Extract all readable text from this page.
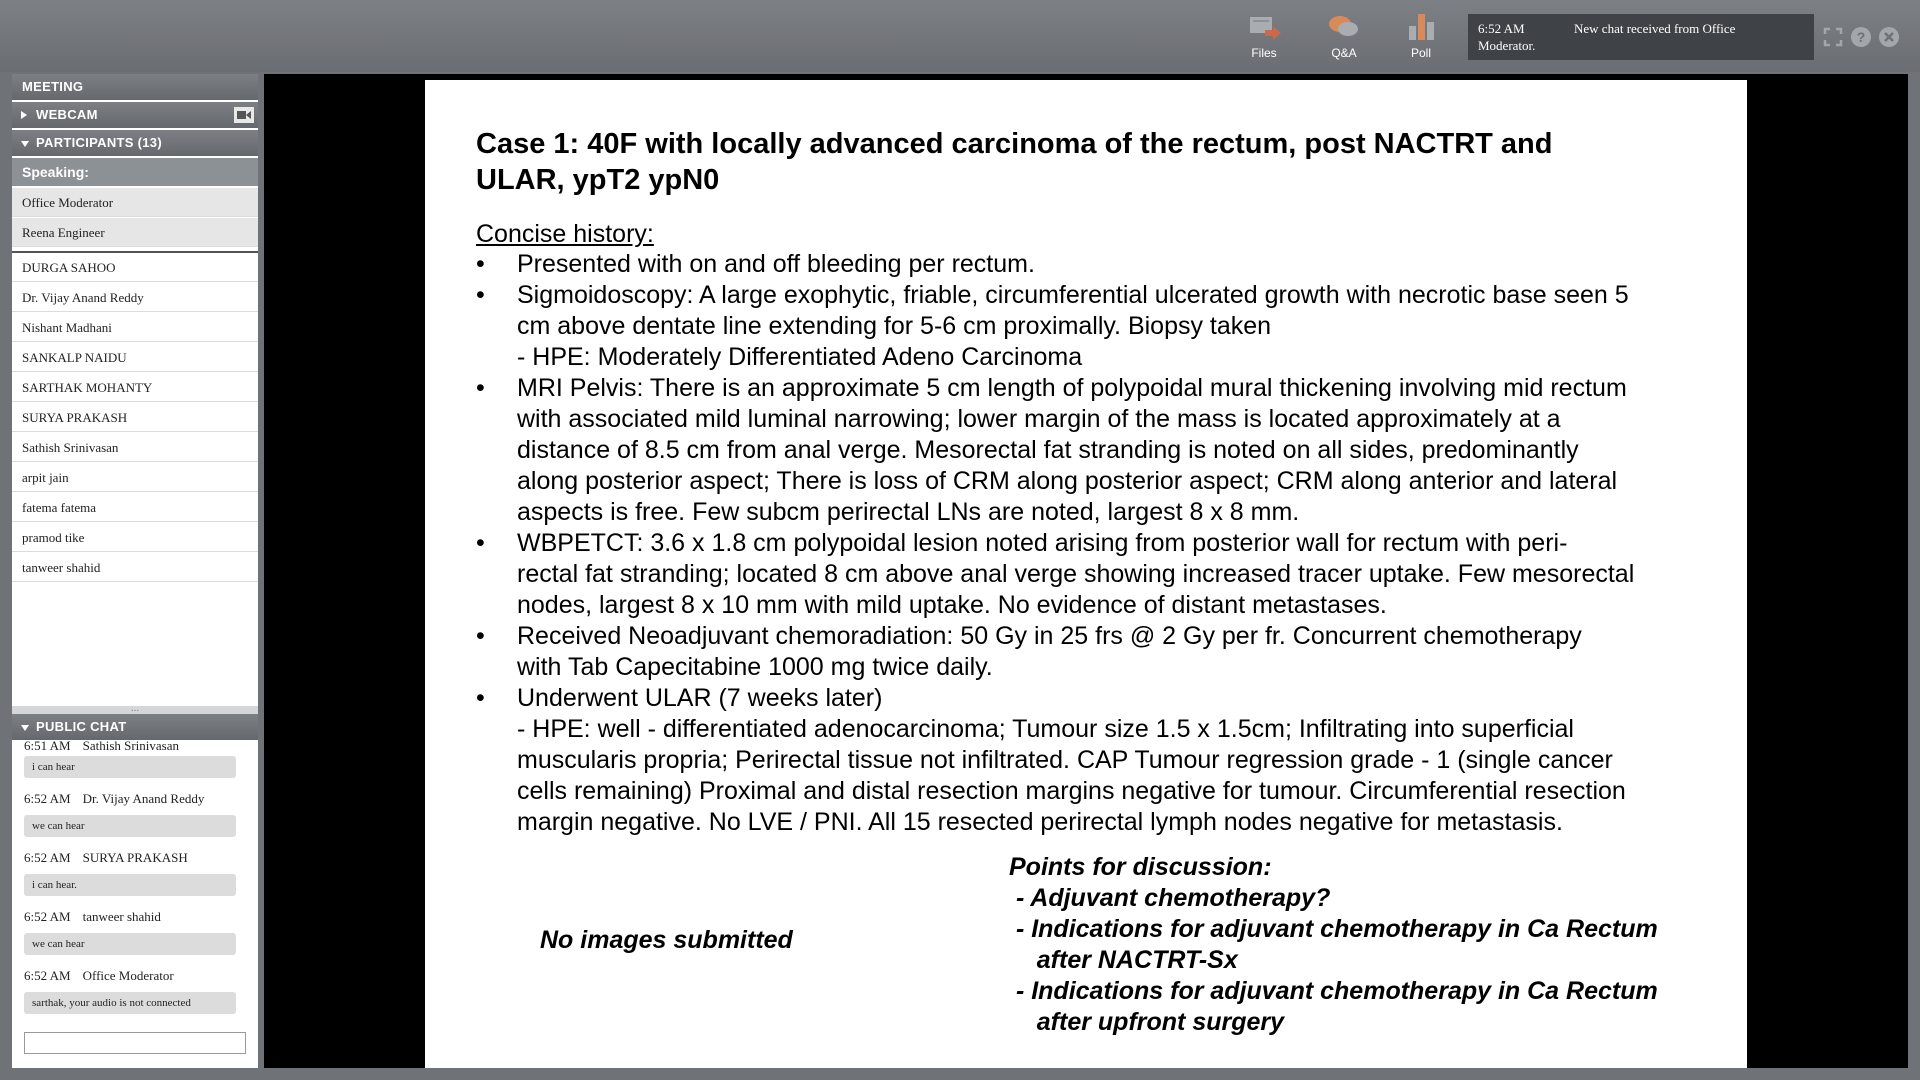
Files	Q&A	Poll
6:52 AM
Moderator.
New chat received from Office
?
MEETING
WEBCAM
PARTICIPANTS (13)
Speaking:
Office Moderator
Reena Engineer
DURGA SAHOO
Dr. Vijay Anand Reddy
Nishant Madhani
SANKALP NAIDU
SARTHAK MOHANTY
SURYA PRAKASH
Sathish Srinivasan
arpit jain
fatema fatema
pramod tike
tanweer shahid
...
PUBLIC CHAT
6:51 AM Sathish Srinivasan
i can hear
6:52 AM Dr. Vijay Anand Reddy
we can hear
6:52 AM SURYA PRAKASH
i can hear.
6:52 AM tanweer shahid
we can hear
6:52 AM Office Moderator
sarthak, your audio is not connected
Case 1: 40F with locally advanced carcinoma of the rectum, post NACTRT and
ULAR, ypT2 ypN0
Concise history:
•	Presented with on and off bleeding per rectum.
•	Sigmoidoscopy: A large exophytic, friable, circumferential ulcerated growth with necrotic base seen 5
cm above dentate line extending for 5-6 cm proximally. Biopsy taken
- HPE: Moderately Differentiated Adeno Carcinoma
•	MRI Pelvis: There is an approximate 5 cm length of polypoidal mural thickening involving mid rectum
with associated mild luminal narrowing; lower margin of the mass is located approximately at a
distance of 8.5 cm from anal verge. Mesorectal fat stranding is noted on all sides, predominantly
along posterior aspect; There is loss of CRM along posterior aspect; CRM along anterior and lateral
aspects is free. Few subcm perirectal LNs are noted, largest 8 x 8 mm.
•	WBPETCT: 3.6 x 1.8 cm polypoidal lesion noted arising from posterior wall for rectum with peri-
rectal fat stranding; located 8 cm above anal verge showing increased tracer uptake. Few mesorectal
nodes, largest 8 x 10 mm with mild uptake. No evidence of distant metastases.
•	Received Neoadjuvant chemoradiation: 50 Gy in 25 frs @ 2 Gy per fr. Concurrent chemotherapy
with Tab Capecitabine 1000 mg twice daily.
•	Underwent ULAR (7 weeks later)
- HPE: well - differentiated adenocarcinoma; Tumour size 1.5 x 1.5cm; Infiltrating into superficial
muscularis propria; Perirectal tissue not infiltrated. CAP Tumour regression grade - 1 (single cancer
cells remaining) Proximal and distal resection margins negative for tumour. Circumferential resection
margin negative. No LVE / PNI. All 15 resected perirectal lymph nodes negative for metastasis.
No images submitted
Points for discussion:
- Adjuvant chemotherapy?
- Indications for adjuvant chemotherapy in Ca Rectum
after NACTRT-Sx
- Indications for adjuvant chemotherapy in Ca Rectum
after upfront surgery
